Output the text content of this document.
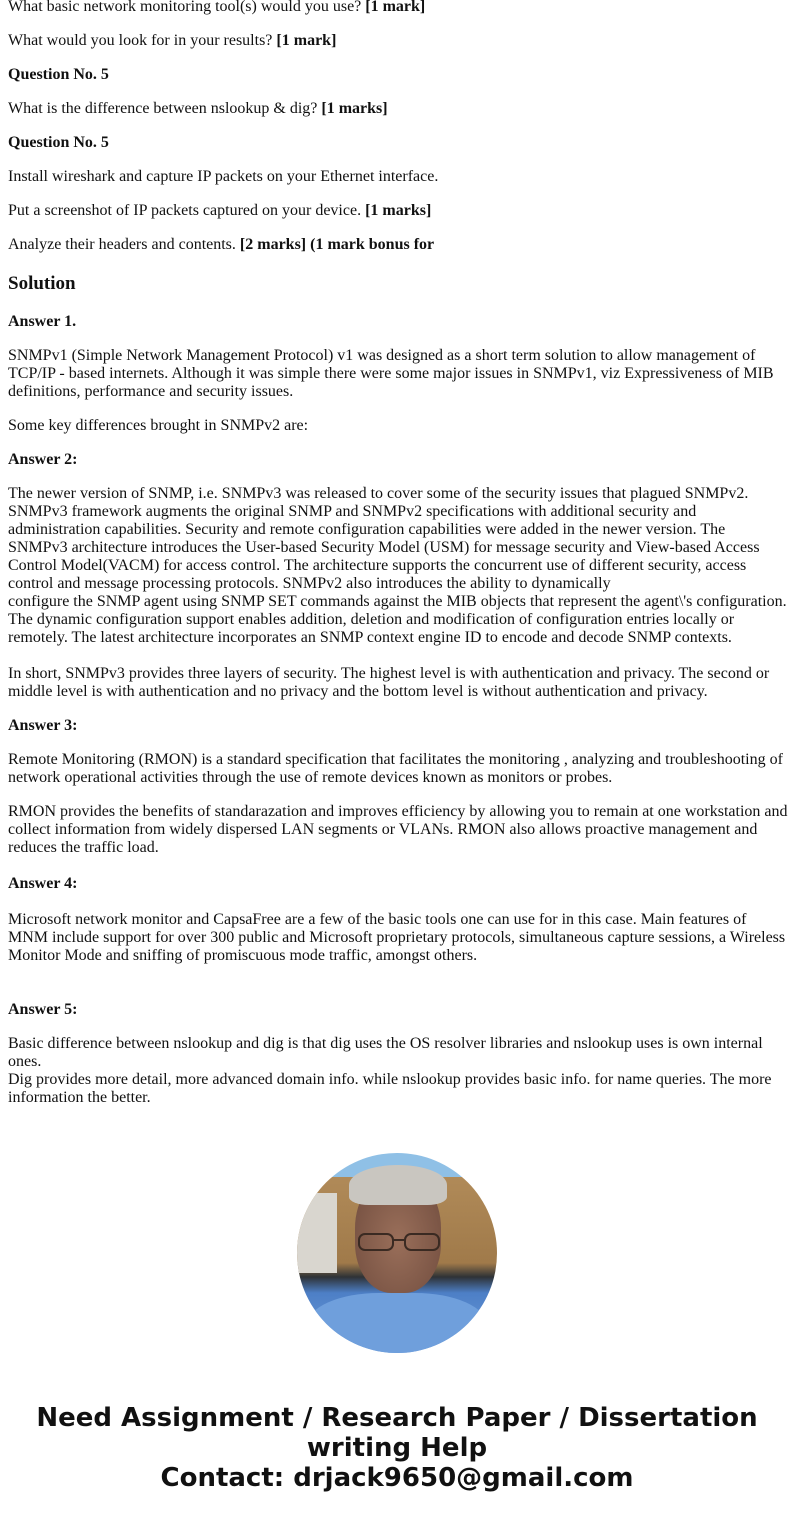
What basic network monitoring tool(s) would you use? [1 mark]

What would you look for in your results? [1 mark]

Question No. 5

What is the difference between nslookup & dig? [1 marks]

Question No. 5

Install wireshark and capture IP packets on your Ethernet interface.

Put a screenshot of IP packets captured on your device. [1 marks]

Analyze their headers and contents. [2 marks] (1 mark bonus for

Solution

Answer 1.

SNMPv1 (Simple Network Management Protocol) v1 was designed as a short term solution to allow management of TCP/IP - based internets. Although it was simple there were some major issues in SNMPv1, viz Expressiveness of MIB definitions, performance and security issues.

Some key differences brought in SNMPv2 are:

Answer 2:

The newer version of SNMP, i.e. SNMPv3 was released to cover some of the security issues that plagued SNMPv2. SNMPv3 framework augments the original SNMP and SNMPv2 specifications with additional security and administration capabilities. Security and remote configuration capabilities were added in the newer version. The SNMPv3 architecture introduces the User-based Security Model (USM) for message security and View-based Access Control Model(VACM) for access control. The architecture supports the concurrent use of different security, access control and message processing protocols. SNMPv2 also introduces the ability to dynamically

configure the SNMP agent using SNMP SET commands against the MIB objects that represent the agent\'s configuration. The dynamic configuration support enables addition, deletion and modification of configuration entries locally or remotely. The latest architecture incorporates an SNMP context engine ID to encode and decode SNMP contexts.

In short, SNMPv3 provides three layers of security. The highest level is with authentication and privacy. The second or middle level is with authentication and no privacy and the bottom level is without authentication and privacy.

Answer 3:

Remote Monitoring (RMON) is a standard specification that facilitates the monitoring , analyzing and troubleshooting of network operational activities through the use of remote devices known as monitors or probes.

RMON provides the benefits of standarazation and improves efficiency by allowing you to remain at one workstation and collect information from widely dispersed LAN segments or VLANs. RMON also allows proactive management and reduces the traffic load.

Answer 4:

Microsoft network monitor and CapsaFree are a few of the basic tools one can use for in this case. Main features of MNM include support for over 300 public and Microsoft proprietary protocols, simultaneous capture sessions, a Wireless Monitor Mode and sniffing of promiscuous mode traffic, amongst others.

Answer 5:

Basic difference between nslookup and dig is that dig uses the OS resolver libraries and nslookup uses is own internal ones.

Dig provides more detail, more advanced domain info. while nslookup provides basic info. for name queries. The more information the better.

Need Assignment / Research Paper / Dissertation
writing Help
Contact: drjack9650@gmail.com
